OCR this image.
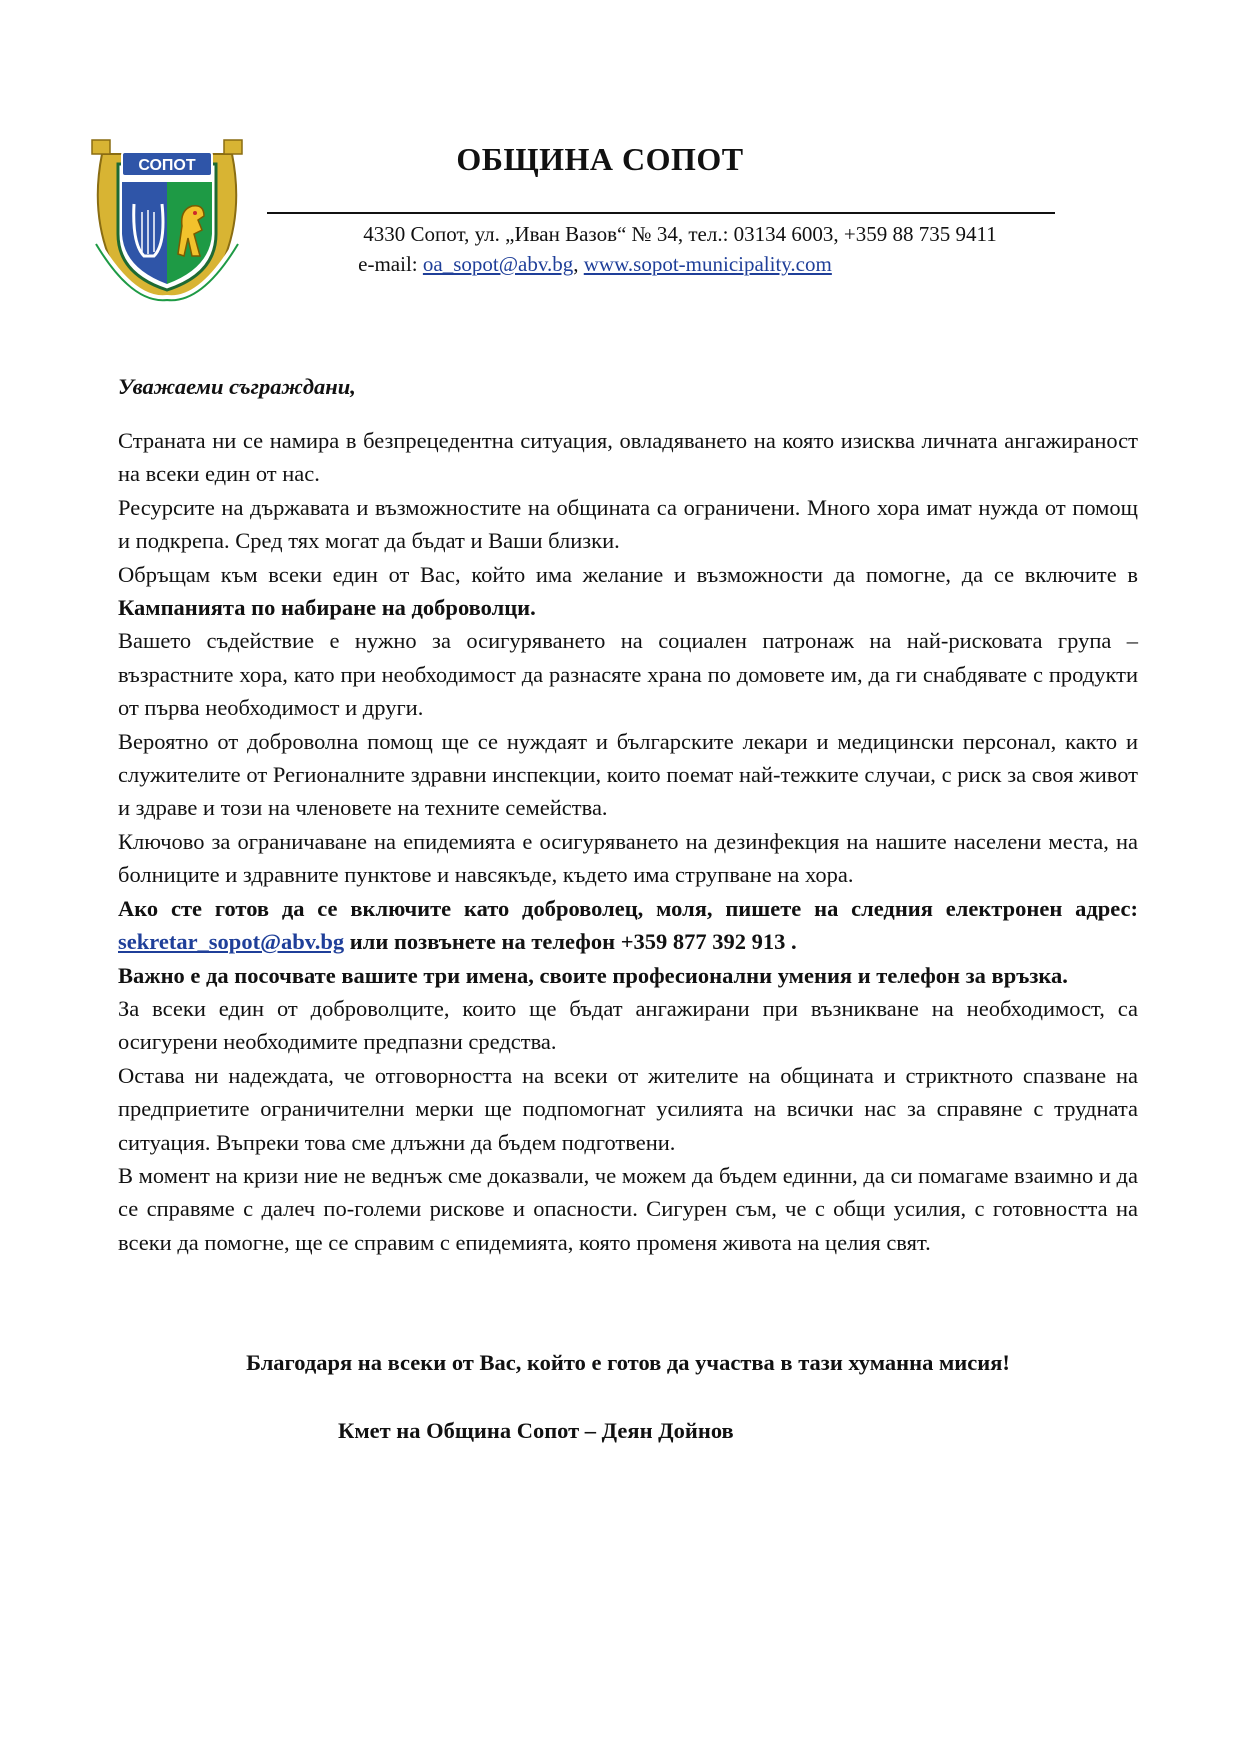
СОПОТ	ОБЩИНА СОПОТ
4330 Сопот, ул. „Иван Вазов“ № 34, тел.: 03134 6003, +359 88 735 9411
e-mail: oa_sopot@abv.bg, www.sopot-municipality.com
Уважаеми съграждани,

Страната ни се намира в безпрецедентна ситуация, овладяването на която изисква личната ангажираност на всеки един от нас.

Ресурсите на държавата и възможностите на общината са ограничени. Много хора имат нужда от помощ и подкрепа. Сред тях могат да бъдат и Ваши близки.

Обръщам към всеки един от Вас, който има желание и възможности да помогне, да се включите в Кампанията по набиране на доброволци.

Вашето съдействие е нужно за осигуряването на социален патронаж на най-рисковата група – възрастните хора, като при необходимост да разнасяте храна по домовете им, да ги снабдявате с продукти от първа необходимост и други.

Вероятно от доброволна помощ ще се нуждаят и българските лекари и медицински персонал, както и служителите от Регионалните здравни инспекции, които поемат най-тежките случаи, с риск за своя живот и здраве и този на членовете на техните семейства.

Ключово за ограничаване на епидемията е осигуряването на дезинфекция на нашите населени места, на болниците и здравните пунктове и навсякъде, където има струпване на хора.

Ако сте готов да се включите като доброволец, моля, пишете на следния електронен адрес: sekretar_sopot@abv.bg или позвънете на телефон +359 877 392 913 .

Важно е да посочвате вашите три имена, своите професионални умения и телефон за връзка.

За всеки един от доброволците, които ще бъдат ангажирани при възникване на необходимост, са осигурени необходимите предпазни средства.

Остава ни надеждата, че отговорността на всеки от жителите на общината и стриктното спазване на предприетите ограничителни мерки ще подпомогнат усилията на всички нас за справяне с трудната ситуация. Въпреки това сме длъжни да бъдем подготвени.

В момент на кризи ние не веднъж сме доказвали, че можем да бъдем единни, да си помагаме взаимно и да се справяме с далеч по-големи рискове и опасности. Сигурен съм, че с общи усилия, с готовността на всеки да помогне, ще се справим с епидемията, която променя живота на целия свят.

Благодаря на всеки от Вас, който е готов да участва в тази хуманна мисия!
Кмет на Община Сопот – Деян Дойнов
